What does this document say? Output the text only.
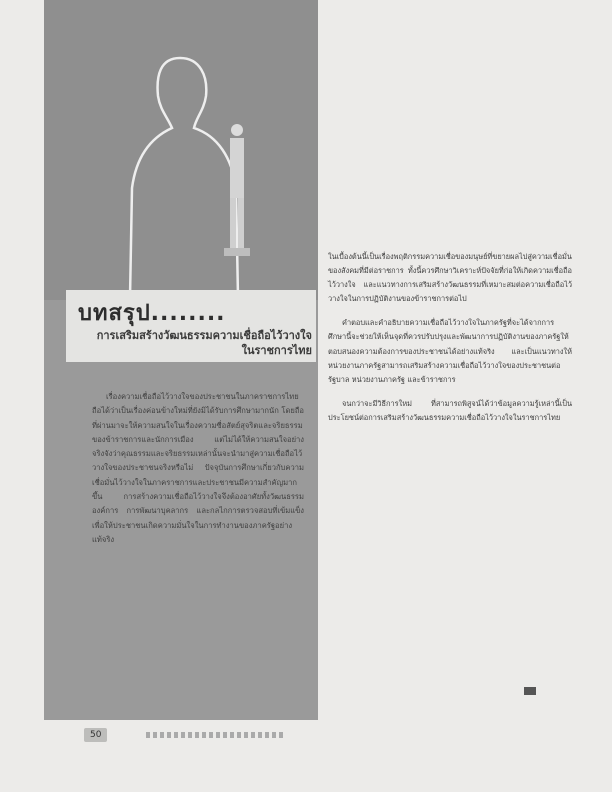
บทสรุป........
การเสริมสร้างวัฒนธรรมความเชื่อถือไว้วางใจในราชการไทย

เรื่องความเชื่อถือไว้วางใจของประชาชนในภาคราชการไทยถือได้ว่าเป็นเรื่องค่อนข้างใหม่ที่ยังมิได้รับการศึกษามากนัก โดยถือที่ผ่านมาจะให้ความสนใจในเรื่องความซื่อสัตย์สุจริตและจริยธรรมของข้าราชการและนักการเมือง แต่ไม่ได้ให้ความสนใจอย่างจริงจังว่าคุณธรรมและจริยธรรมเหล่านั้นจะนำมาสู่ความเชื่อถือไว้วางใจของประชาชนจริงหรือไม่ ปัจจุบันการศึกษาเกี่ยวกับความเชื่อมั่นไว้วางใจในภาคราชการและประชาชนมีความสำคัญมากขึ้น การสร้างความเชื่อถือไว้วางใจจึงต้องอาศัยทั้งวัฒนธรรมองค์การ การพัฒนาบุคลากร และกลไกการตรวจสอบที่เข้มแข็งเพื่อให้ประชาชนเกิดความมั่นใจในการทำงานของภาครัฐอย่างแท้จริง

ในเบื้องต้นนี้เป็นเรื่องพฤติกรรมความเชื่อของมนุษย์ที่ขยายผลไปสู่ความเชื่อมั่นของสังคมที่มีต่อราชการ ทั้งนี้ควรศึกษาวิเคราะห์ปัจจัยที่ก่อให้เกิดความเชื่อถือไว้วางใจ และแนวทางการเสริมสร้างวัฒนธรรมที่เหมาะสมต่อความเชื่อถือไว้วางใจในการปฏิบัติงานของข้าราชการต่อไป

คำตอบและคำอธิบายความเชื่อถือไว้วางใจในภาครัฐที่จะได้จากการศึกษานี้จะช่วยให้เห็นจุดที่ควรปรับปรุงและพัฒนาการปฏิบัติงานของภาครัฐให้ตอบสนองความต้องการของประชาชนได้อย่างแท้จริง และเป็นแนวทางให้หน่วยงานภาครัฐสามารถเสริมสร้างความเชื่อถือไว้วางใจของประชาชนต่อรัฐบาล หน่วยงานภาครัฐ และข้าราชการ

จนกว่าจะมีวิธีการใหม่ ที่สามารถพิสูจน์ได้ว่าข้อมูลความรู้เหล่านี้เป็นประโยชน์ต่อการเสริมสร้างวัฒนธรรมความเชื่อถือไว้วางใจในราชการไทย

50
